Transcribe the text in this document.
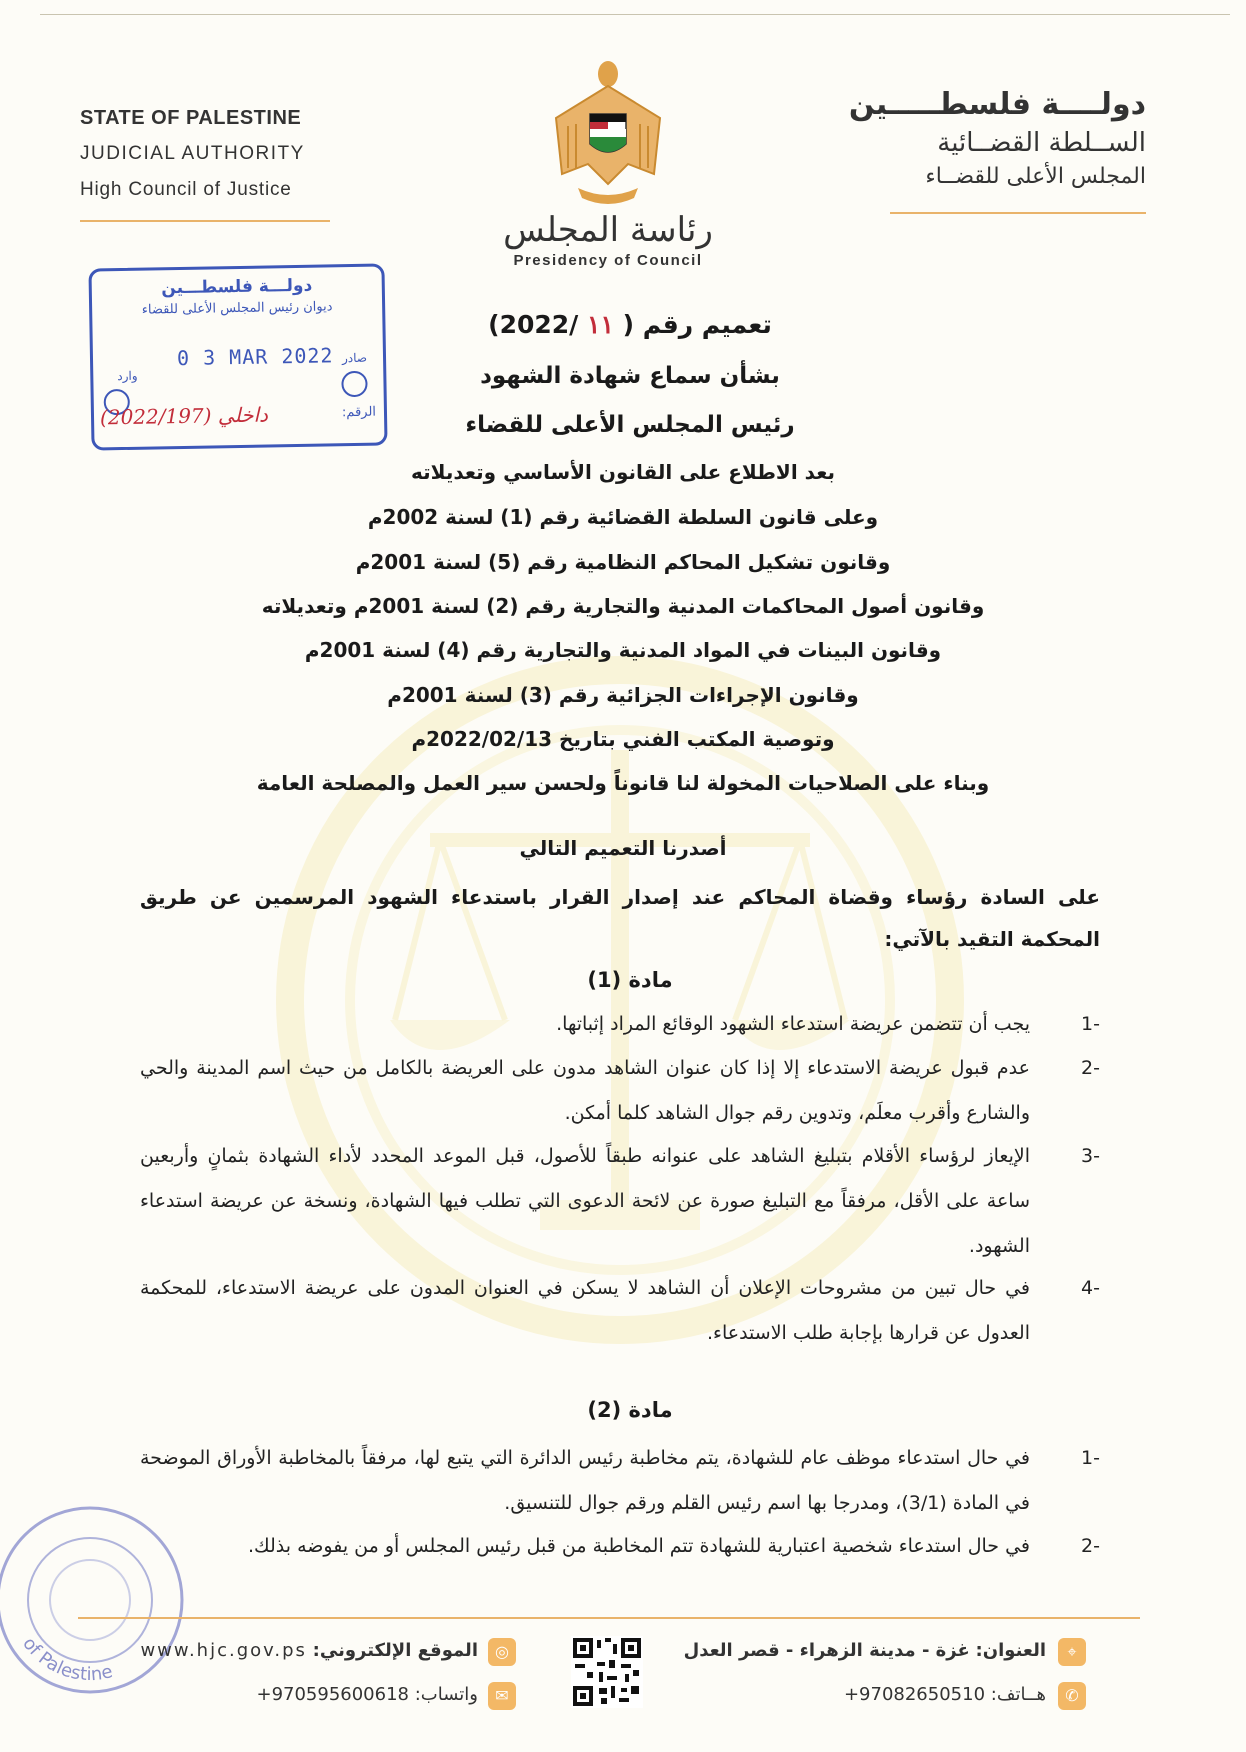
STATE OF PALESTINE
JUDICIAL AUTHORITY
High Council of Justice
دولــــة فلسطـــــين
الســلطة القضــائية
المجلس الأعلى للقضــاء
رئاسة المجلس
Presidency of Council
دولـــة فلسطـــين
ديوان رئيس المجلس الأعلى للقضاء
0 3 MAR 2022 صادر
وارد
الرقم:
داخلي (2022/197)
تعميم رقم ( ١١ /2022)
بشأن سماع شهادة الشهود
رئيس المجلس الأعلى للقضاء
بعد الاطلاع على القانون الأساسي وتعديلاته
وعلى قانون السلطة القضائية رقم (1) لسنة 2002م
وقانون تشكيل المحاكم النظامية رقم (5) لسنة 2001م
وقانون أصول المحاكمات المدنية والتجارية رقم (2) لسنة 2001م وتعديلاته
وقانون البينات في المواد المدنية والتجارية رقم (4) لسنة 2001م
وقانون الإجراءات الجزائية رقم (3) لسنة 2001م
وتوصية المكتب الفني بتاريخ 2022/02/13م
وبناء على الصلاحيات المخولة لنا قانوناً ولحسن سير العمل والمصلحة العامة
أصدرنا التعميم التالي
على السادة رؤساء وقضاة المحاكم عند إصدار القرار باستدعاء الشهود المرسمين عن طريق المحكمة التقيد بالآتي:
مادة (1)
-1
يجب أن تتضمن عريضة استدعاء الشهود الوقائع المراد إثباتها.
-2
عدم قبول عريضة الاستدعاء إلا إذا كان عنوان الشاهد مدون على العريضة بالكامل من حيث اسم المدينة والحي والشارع وأقرب معلَم، وتدوين رقم جوال الشاهد كلما أمكن.
-3
الإيعاز لرؤساء الأقلام بتبليغ الشاهد على عنوانه طبقاً للأصول، قبل الموعد المحدد لأداء الشهادة بثمانٍ وأربعين ساعة على الأقل، مرفقاً مع التبليغ صورة عن لائحة الدعوى التي تطلب فيها الشهادة، ونسخة عن عريضة استدعاء الشهود.
-4
في حال تبين من مشروحات الإعلان أن الشاهد لا يسكن في العنوان المدون على عريضة الاستدعاء، للمحكمة العدول عن قرارها بإجابة طلب الاستدعاء.
مادة (2)
-1
في حال استدعاء موظف عام للشهادة، يتم مخاطبة رئيس الدائرة التي يتبع لها، مرفقاً بالمخاطبة الأوراق الموضحة في المادة (3/1)، ومدرجا بها اسم رئيس القلم ورقم جوال للتنسيق.
-2
في حال استدعاء شخصية اعتبارية للشهادة تتم المخاطبة من قبل رئيس المجلس أو من يفوضه بذلك.
of Palestine
⌖
العنوان: غزة - مدينة الزهراء - قصر العدل
✆
هــاتف: +97082650510
◎
الموقع الإلكتروني: www.hjc.gov.ps
✉
واتساب: +970595600618
